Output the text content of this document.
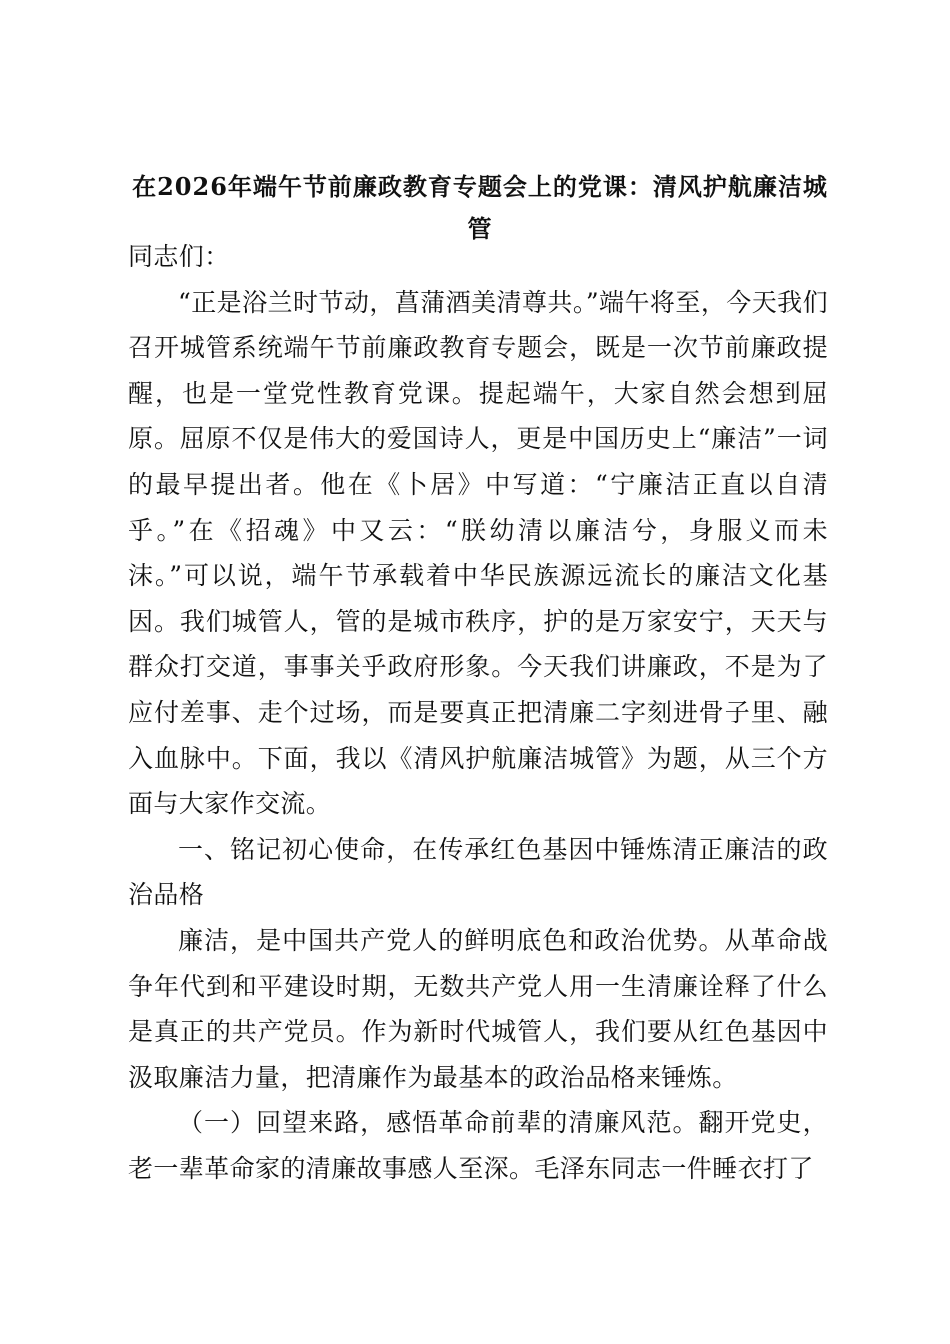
在2026年端午节前廉政教育专题会上的党课：清风护航廉洁城管

同志们：

“正是浴兰时节动，菖蒲酒美清尊共。”端午将至，今天我们召开城管系统端午节前廉政教育专题会，既是一次节前廉政提醒，也是一堂党性教育党课。提起端午，大家自然会想到屈原。屈原不仅是伟大的爱国诗人，更是中国历史上“廉洁”一词的最早提出者。他在《卜居》中写道：“宁廉洁正直以自清乎。”在《招魂》中又云：“朕幼清以廉洁兮，身服义而未沫。”可以说，端午节承载着中华民族源远流长的廉洁文化基因。我们城管人，管的是城市秩序，护的是万家安宁，天天与群众打交道，事事关乎政府形象。今天我们讲廉政，不是为了应付差事、走个过场，而是要真正把清廉二字刻进骨子里、融入血脉中。下面，我以《清风护航廉洁城管》为题，从三个方面与大家作交流。

一、铭记初心使命，在传承红色基因中锤炼清正廉洁的政治品格

廉洁，是中国共产党人的鲜明底色和政治优势。从革命战争年代到和平建设时期，无数共产党人用一生清廉诠释了什么是真正的共产党员。作为新时代城管人，我们要从红色基因中汲取廉洁力量，把清廉作为最基本的政治品格来锤炼。

（一）回望来路，感悟革命前辈的清廉风范。翻开党史，老一辈革命家的清廉故事感人至深。毛泽东同志一件睡衣打了
